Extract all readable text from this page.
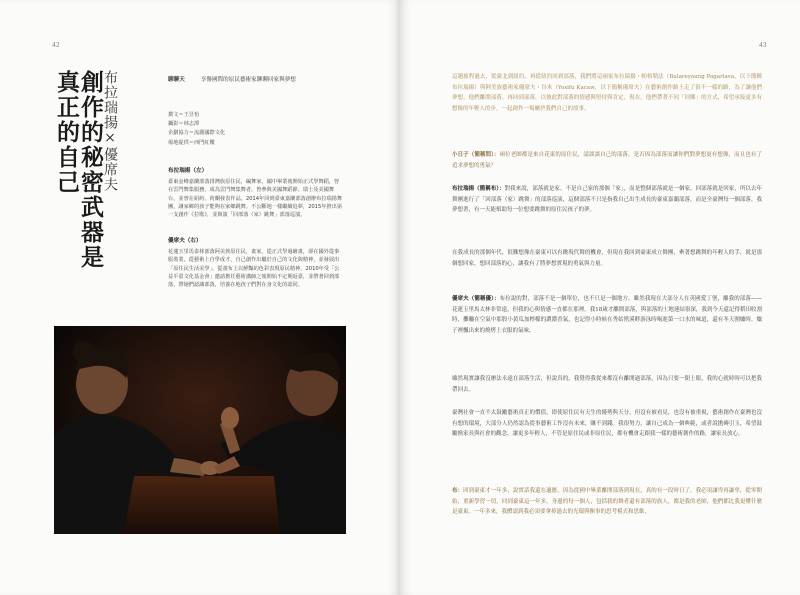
42
創作的秘密武器是真正的自己	布拉瑞揚×優席夫	聊聊天	享譽國際的原民藝術家聊聊回家與夢想
撰文＝王昱怡
攝影＝林志潭
企劃協力＝流麗國際文化
場地提供＝西門紅樓
布拉瑞揚（左）
臺東金峰嘉蘭部落排灣族原住民，編舞家，國中畢業後開始正式學舞蹈，曾在雲門舞集服務，成為雲門舞集舞者，曾參與美國舞蹈節、瑞士及美國舞台，並曾在紐約、荷蘭發表作品。2014年回到臺東嘉蘭部落創辦布拉瑞揚舞團，讓家鄉的孩子能夠在家鄉跳舞。不公斷地一樣繼續追夢，2015年推出第一支創作《拉歌》，並與演「回部落（家）跳舞」部落巡演。
優席夫（右）
花蓮玉里馬泰林部落阿美族原住民，畫家，從正式學過繪畫，卻在國外從事服裝業，從藝術上自學成才，自己創作出屬於自己的文化與精神，並發展出「原住民生活美學」。從畫布上以鮮豔的色彩表現原民精神，2010年受「公益平臺文化基金會」邀請擔任藝術講師之後開始不定期返臺，並帶著回到部落，帶她們認識部落，培養在地孩子們對在身文化的認同。
43
這趟旅程過去，從臺北到紐約、再從紐約回到部落，我們將這兩家布拉瑞揚・帕格勒法（Bulareyaung Pagarlava，以下簡稱布拉瑞揚）與阿美族藝術家優席夫・谷木（Yosifu Kacaw，以下簡稱優席夫）在藝術創作路上走了很不一樣的路，為了讓他們夢想，他們離開部落，再回到部落，以彼此對部落的情感與堅持與肯定，現在，他們帶著不同「回鄉」的方式，希望承接更多有想像的年輕人的步，一起創作一場屬於我們自己的故事。
小日子（簡稱問）：兩位老師都是來自花東的原住民，請談談自己的部落，是否因為部落而讓你們對夢想更有想像，而且也有了追求夢想的勇氣？
布拉瑞揚（簡稱布）：對我來說，部落就是家。不是自己家的那個「家」，而是整個部落就是一個家，回部落就是回家，所以去年舞團進行了「回部落（家）跳舞」的部落巡演，這個部落不只是指我自己出生成長的臺東嘉蘭部落，而是全臺灣每一個部落，我夢想著，有一天能幫助每一位想要跳舞的原住民孩子的夢。
在我成長的那個年代，很難想像在臺東可以有跳現代舞的機會，但現在我回到臺東成立舞團，牽著想跳舞的年輕人的手，就是那個想回家，想回部落的心，讓我有了將夢想實現的勇氣與力量。
優席夫（簡稱優）：布拉說的對，部落不是一個單位，也不只是一個地方。雖然我現在大部分人在英國愛丁堡，離我的部落——花蓮玉里馬太林非常遠，但我的心與情感一直都在那裡。我18歲才離開部落，與部落的土地連結很深，我到今天還記得稻田收割時，攤曬在空氣中那股小黃瓜加檸檬的濃濃香氣，也記得小時候在秀姑巒溪畔游泳時喝進第一口水的味道，還有冬天圍爐時，爐子裡飄出來的燒烤上衣服的氣味。
雖然現實讓我沒辦法永遠在部落生活，但說真的，我覺得我從來都沒有離開過部落，因為只要一閉上眼，我的心就時時可以把我帶回去。
臺灣社會一直不太鼓勵藝術真正的價值，即使原住民有天生的優勢與天分，但沒有被看見，也沒有被重視，藝術創作在臺灣也沒有想的環境，大部分人仍然認為從事藝術工作沒有未來，賺不到錢。我很努力，讓自己成為一個典範，或者說拋磚引玉，希望鼓勵換家長與社會的觀念，讓更多年輕人，不管是原住民或非原住民，都有機會走跟我一樣的藝術創作的路，讓家長放心。
布：回到臺東才一年多，說實話我還在適應，因為從國中畢業離開部落到現在，真的有一段時日了，我必須謙卑再謙卑，從零開始，重新學習一切，回到臺東這一年多，身邊的每一個人，包括我的舞者還有部落的族人，都是我的老師，他們都比我更懂什麼是臺東。一年多來，我體認到我必須要拿掉過去的光環與衡事的思考模式和思維，
